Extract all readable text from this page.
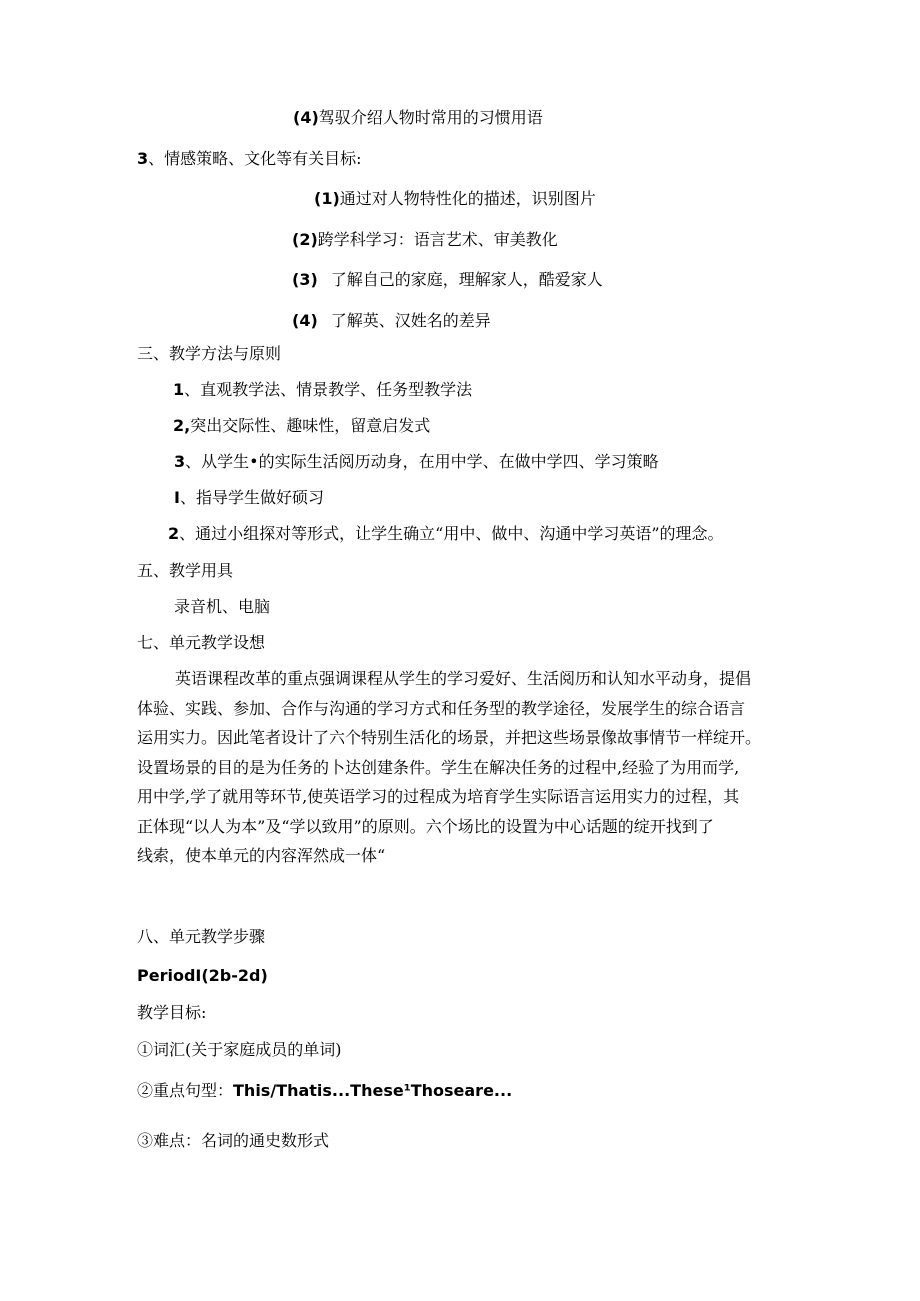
(4)驾驭介绍人物时常用的习惯用语

3、情感策略、文化等有关目标:

(1)通过对人物特性化的描述，识别图片

(2)跨学科学习：语言艺术、审美教化

(3) 了解自己的家庭，理解家人，酷爱家人

(4) 了解英、汉姓名的差异

三、教学方法与原则

1、直观教学法、情景教学、任务型教学法

2,突出交际性、趣味性，留意启发式

3、从学生•的实际生活阅历动身，在用中学、在做中学四、学习策略

I、指导学生做好硕习

2、通过小组探对等形式，让学生确立“用中、做中、沟通中学习英语”的理念。

五、教学用具

录音机、电脑

七、单元教学设想

英语课程改革的重点强调课程从学生的学习爱好、生活阅历和认知水平动身，提倡
体验、实践、参加、合作与沟通的学习方式和任务型的教学途径，发展学生的综合语言
运用实力。因此笔者设计了六个特别生活化的场景，并把这些场景像故事情节一样绽开。
设置场景的目的是为任务的卜达创建条件。学生在解决任务的过程中,经验了为用而学,
用中学,学了就用等环节,使英语学习的过程成为培育学生实际语言运用实力的过程，其
正体现“以人为本”及“学以致用”的原则。六个场比的设置为中心话题的绽开找到了
线索，使本单元的内容浑然成一体“

八、单元教学步骤

PeriodI(2b-2d)

教学目标:

①词汇(关于家庭成员的单词)

②重点句型：This/Thatis...These¹Thoseare...

③难点：名词的通史数形式
